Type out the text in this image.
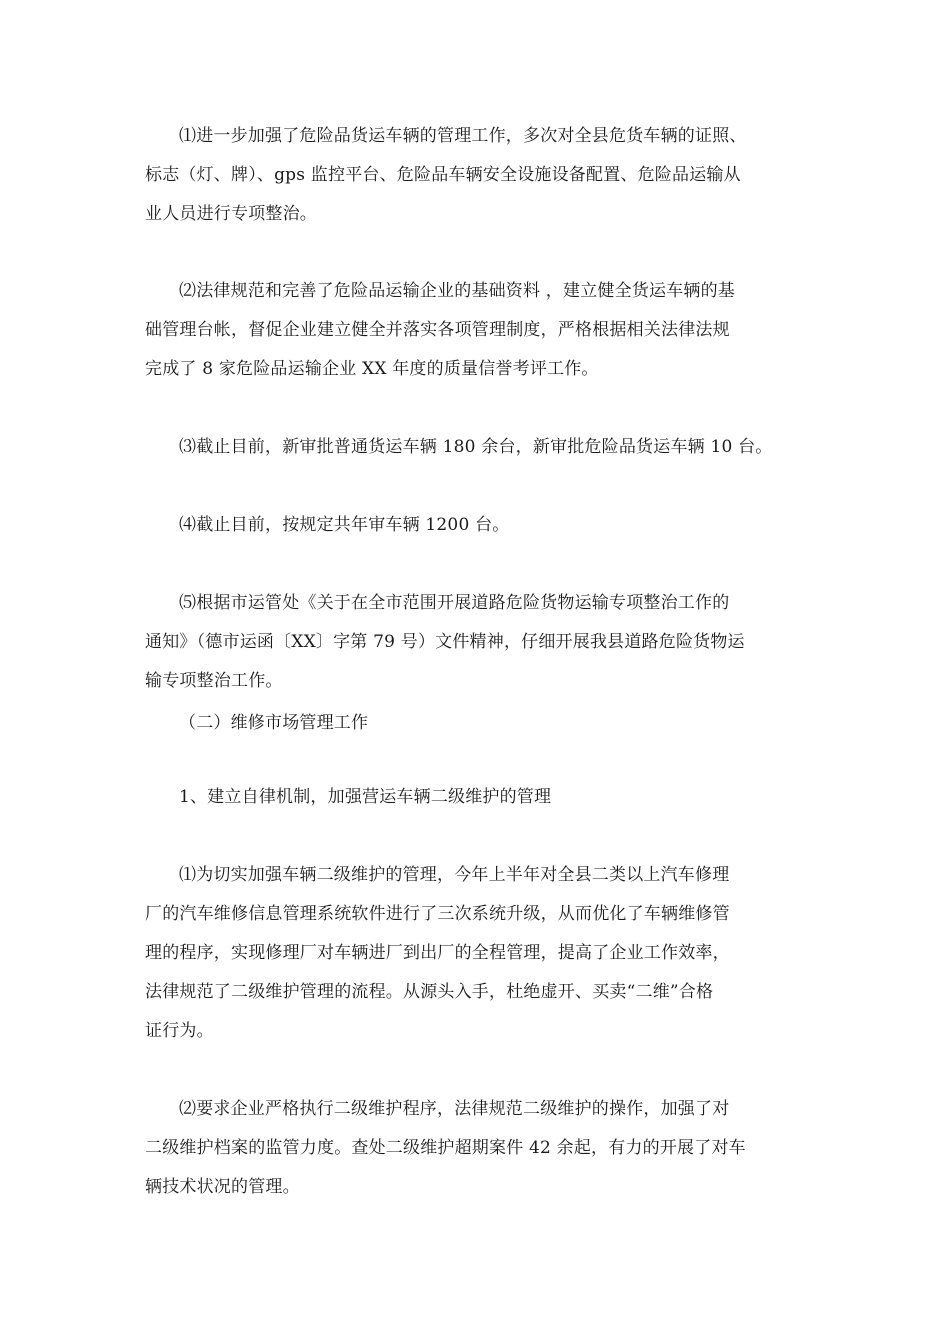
⑴进一步加强了危险品货运车辆的管理工作，多次对全县危货车辆的证照、
标志（灯、牌）、gps 监控平台、危险品车辆安全设施设备配置、危险品运输从
业人员进行专项整治。

⑵法律规范和完善了危险品运输企业的基础资料 ，建立健全货运车辆的基
础管理台帐，督促企业建立健全并落实各项管理制度，严格根据相关法律法规
完成了 8 家危险品运输企业 XX 年度的质量信誉考评工作。

⑶截止目前，新审批普通货运车辆 180 余台，新审批危险品货运车辆 10 台。

⑷截止目前，按规定共年审车辆 1200 台。

⑸根据市运管处《关于在全市范围开展道路危险货物运输专项整治工作的
通知》（德市运函〔XX〕字第 79 号）文件精神，仔细开展我县道路危险货物运
输专项整治工作。

（二）维修市场管理工作

1、建立自律机制，加强营运车辆二级维护的管理

⑴为切实加强车辆二级维护的管理，今年上半年对全县二类以上汽车修理
厂的汽车维修信息管理系统软件进行了三次系统升级，从而优化了车辆维修管
理的程序，实现修理厂对车辆进厂到出厂的全程管理，提高了企业工作效率，
法律规范了二级维护管理的流程。从源头入手，杜绝虚开、买卖“二维”合格
证行为。

⑵要求企业严格执行二级维护程序，法律规范二级维护的操作，加强了对
二级维护档案的监管力度。查处二级维护超期案件 42 余起，有力的开展了对车
辆技术状况的管理。
